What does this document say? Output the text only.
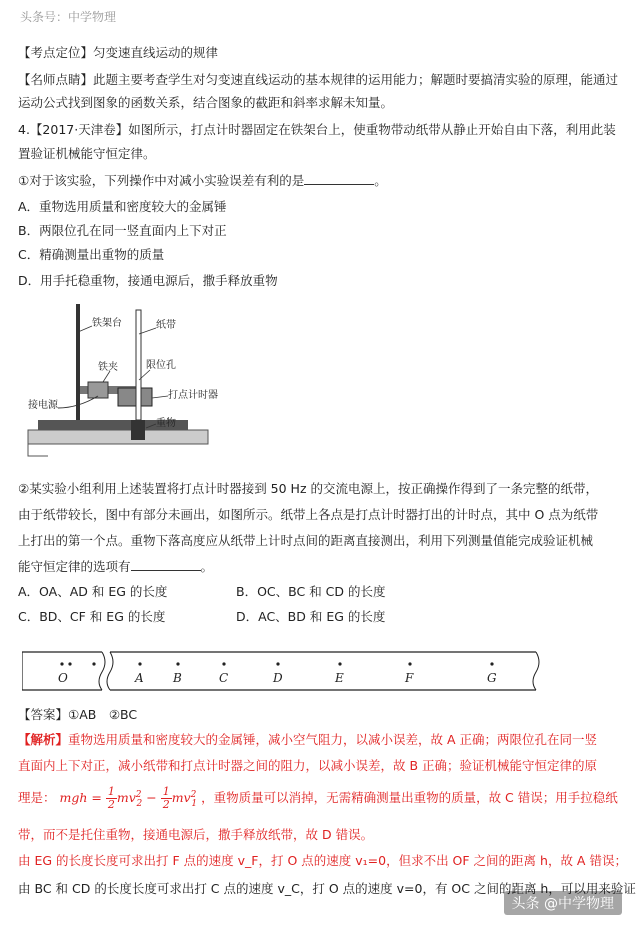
头条号：中学物理
【考点定位】匀变速直线运动的规律
【名师点睛】此题主要考查学生对匀变速直线运动的基本规律的运用能力；解题时要搞清实验的原理，能通过
运动公式找到图象的函数关系，结合图象的截距和斜率求解未知量。
4.【2017·天津卷】如图所示，打点计时器固定在铁架台上，使重物带动纸带从静止开始自由下落，利用此装
置验证机械能守恒定律。
①对于该实验，下列操作中对减小实验误差有利的是	。
A．重物选用质量和密度较大的金属锤
B．两限位孔在同一竖直面内上下对正
C．精确测量出重物的质量
D．用手托稳重物，接通电源后，撒手释放重物
铁架台	纸带
铁夹	限位孔
接电源
打点计时器
重物
②某实验小组利用上述装置将打点计时器接到 50 Hz 的交流电源上，按正确操作得到了一条完整的纸带，
由于纸带较长，图中有部分未画出，如图所示。纸带上各点是打点计时器打出的计时点，其中 O 点为纸带
上打出的第一个点。重物下落高度应从纸带上计时点间的距离直接测出，利用下列测量值能完成验证机械
能守恒定律的选项有	。
A．OA、AD 和 EG 的长度	B．OC、BC 和 CD 的长度
C．BD、CF 和 EG 的长度	D．AC、BD 和 EG 的长度
O	A B	C	D	E	F	G
【答案】①AB　②BC
【解析】重物选用质量和密度较大的金属锤，减小空气阻力，以减小误差，故 A 正确；两限位孔在同一竖
直面内上下对正，减小纸带和打点计时器之间的阻力，以减小误差，故 B 正确；验证机械能守恒定律的原
理是： mgh = $\frac{1}{2} mv^2_2 - \frac{1}{2} mv^2_1$ ，重物质量可以消掉，无需精确测量出重物的质量，故 C 错误；用手拉稳纸
带，而不是托住重物，接通电源后，撒手释放纸带，故 D 错误。
由 EG 的长度长度可求出打 F 点的速度 v_F，打 O 点的速度 v₁=0，但求不出 OF 之间的距离 h，故 A 错误；
由 BC 和 CD 的长度长度可求出打 C 点的速度 v_C，打 O 点的速度 v=0，有 OC 之间的距离 h，可以用来验证
头条 @中学物理
